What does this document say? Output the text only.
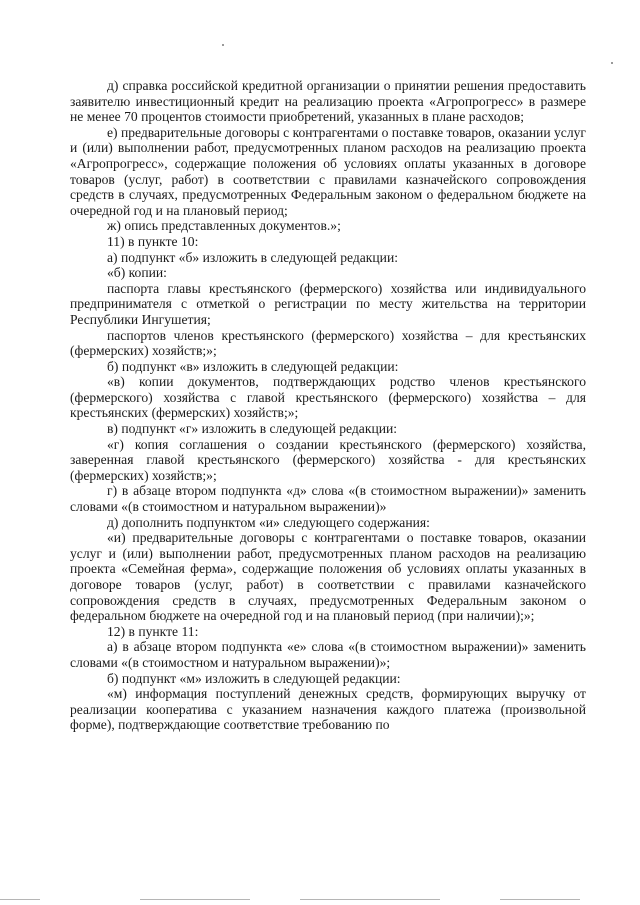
д) справка российской кредитной организации о принятии решения предоставить заявителю инвестиционный кредит на реализацию проекта «Агропрогресс» в размере не менее 70 процентов стоимости приобретений, указанных в плане расходов;

е) предварительные договоры с контрагентами о поставке товаров, оказании услуг и (или) выполнении работ, предусмотренных планом расходов на реализацию проекта «Агропрогресс», содержащие положения об условиях оплаты указанных в договоре товаров (услуг, работ) в соответствии с правилами казначейского сопровождения средств в случаях, предусмотренных Федеральным законом о федеральном бюджете на очередной год и на плановый период;

ж) опись представленных документов.»;

11) в пункте 10:

а) подпункт «б» изложить в следующей редакции:

«б) копии:

паспорта главы крестьянского (фермерского) хозяйства или индивидуального предпринимателя с отметкой о регистрации по месту жительства на территории Республики Ингушетия;

паспортов членов крестьянского (фермерского) хозяйства – для крестьянских (фермерских) хозяйств;»;

б) подпункт «в» изложить в следующей редакции:

«в) копии документов, подтверждающих родство членов крестьянского (фермерского) хозяйства с главой крестьянского (фермерского) хозяйства – для крестьянских (фермерских) хозяйств;»;

в) подпункт «г» изложить в следующей редакции:

«г) копия соглашения о создании крестьянского (фермерского) хозяйства, заверенная главой крестьянского (фермерского) хозяйства - для крестьянских (фермерских) хозяйств;»;

г) в абзаце втором подпункта «д» слова «(в стоимостном выражении)» заменить словами «(в стоимостном и натуральном выражении)»

д) дополнить подпунктом «и» следующего содержания:

«и) предварительные договоры с контрагентами о поставке товаров, оказании услуг и (или) выполнении работ, предусмотренных планом расходов на реализацию проекта «Семейная ферма», содержащие положения об условиях оплаты указанных в договоре товаров (услуг, работ) в соответствии с правилами казначейского сопровождения средств в случаях, предусмотренных Федеральным законом о федеральном бюджете на очередной год и на плановый период (при наличии);»;

12) в пункте 11:

а) в абзаце втором подпункта «е» слова «(в стоимостном выражении)» заменить словами «(в стоимостном и натуральном выражении)»;

б) подпункт «м» изложить в следующей редакции:

«м) информация поступлений денежных средств, формирующих выручку от реализации кооператива с указанием назначения каждого платежа (произвольной форме), подтверждающие соответствие требованию по
